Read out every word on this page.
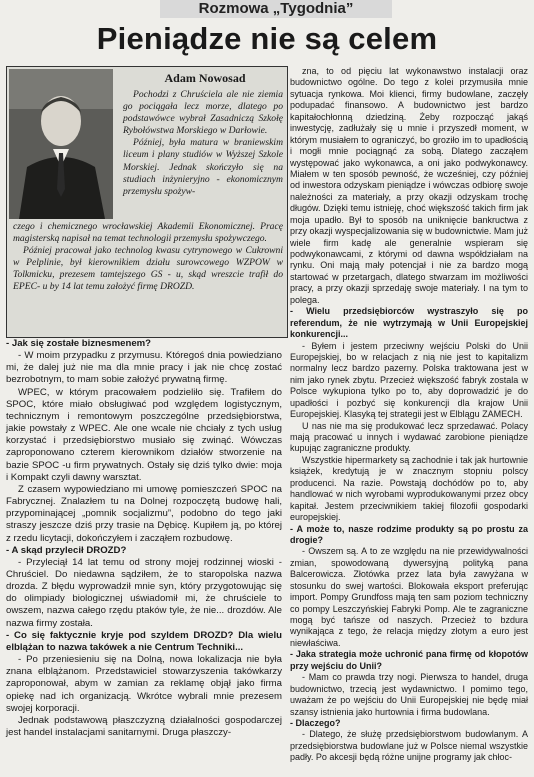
Rozmowa „Tygodnia”
Pieniądze nie są celem
Adam Nowosad

Pochodzi z Chruściela ale nie ziemia go pociągała lecz morze, dlatego po podstawówce wybrał Zasadniczą Szkołę Rybołówstwa Morskiego w Darłowie.

Później, była matura w braniewskim liceum i plany studiów w Wyższej Szkole Morskiej. Jednak skończyło się na studiach inżynieryjno - ekonomicznym przemysłu spożyw-

czego i chemicznego wrocławskiej Akademii Ekonomicznej. Pracę magisterską napisał na temat technologii przemysłu spożywczego.

Później pracował jako technolog kwasu cytrynowego w Cukrowni w Pelplinie, był kierownikiem działu surowcowego WZPOW w Tolkmicku, prezesem tamtejszego GS - u, skąd wreszcie trafił do EPEC- u by 14 lat temu założyć firmę DROZD.

- Jak się zostałe biznesmenem?

- W moim przypadku z przymusu. Któregoś dnia powiedziano mi, że dalej już nie ma dla mnie pracy i jak nie chcę zostać bezrobotnym, to mam sobie założyć prywatną firmę.

WPEC, w którym pracowałem podzieliło się. Trafiłem do SPOC, które miało obsługiwać pod względem logistycznym, technicznym i remontowym poszczególne przedsiębiorstwa, jakie powstały z WPEC. Ale one wcale nie chciały z tych usług korzystać i przedsiębiorstwo musiało się zwinąć. Wówczas zaproponowano czterem kierownikom działów stworzenie na bazie SPOC -u firm prywatnych. Ostały się dziś tylko dwie: moja i Kompakt czyli dawny warsztat.

Z czasem wypowiedziano mi umowę pomieszczeń SPOC na Fabrycznej. Znalazłem tu na Dolnej rozpoczętą budowę hali, przypominającej „pomnik socjalizmu”, podobno do tego jaki straszy jeszcze dziś przy trasie na Dębicę. Kupiłem ją, po której z rzedu licytacji, dokończyłem i zacząłem rozbudowę.

- A skąd przylecił DROZD?

- Przyleciął 14 lat temu od strony mojej rodzinnej wioski - Chruściel. Do niedawna sądziłem, że to staropolska nazwa drozda. Z błędu wyprowadził mnie syn, który przygotowując się do olimpiady biologicznej uświadomił mi, że chruściele to owszem, nazwa całego rzędu ptaków tyle, że nie... drozdów. Ale nazwa firmy została.

- Co się faktycznie kryje pod szyldem DROZD? Dla wielu elblążan to nazwa takówek a nie Centrum Techniki...

- Po przeniesieniu się na Dolną, nowa lokalizacja nie była znana elblążanom. Przedstawiciel stowarzyszenia takówkarzy zaproponował, abym w zamian za reklamę objął jako firma opiekę nad ich organizacją. Wkrótce wybrali mnie prezesem swojej korporacji.

Jednak podstawową płaszczyzną działalności gospodarczej jest handel instalacjami sanitarnymi. Druga płaszczy-

zna, to od pięciu lat wykonawstwo instalacji oraz budownictwo ogólne. Do tego z kolei przymusiła mnie sytuacja rynkowa. Moi klienci, firmy budowlane, zaczęły podupadać finansowo. A budownictwo jest bardzo kapitałochłonną dziedziną. Żeby rozpocząć jakąś inwestycję, zadłużały się u mnie i przyszedł moment, w którym musiałem to ograniczyć, bo groziło im to upadłością i mogłi mnie pociągnąć za sobą. Dlatego zacząłem występować jako wykonawca, a oni jako podwykonawcy. Miałem w ten sposób pewność, że wcześniej, czy później od inwestora odzyskam pieniądze i wówczas odbiorę swoje należności za materiały, a przy okazji odzyskam trochę długów. Dzięki temu istnieję, choć większość takich firm jak moja upadło. Był to sposób na uniknięcie bankructwa z przy okazji wyspecjalizowania się w budownictwie. Mam już wiele firm kadę ale generalnie wspieram się podwykonawcami, z którymi od dawna współdziałam na rynku. Oni mają mały potencjał i nie za bardzo mogą startować w przetargach, dlatego stwarzam im możliwości pracy, a przy okazji sprzedaję swoje materiały. I na tym to polega.

- Wielu przedsiębiorców wystraszyło się po referendum, że nie wytrzymają w Unii Europejskiej konkurencji...

- Byłem i jestem przeciwny wejściu Polski do Unii Europejskiej, bo w relacjach z nią nie jest to kapitalizm normalny lecz bardzo pazerny. Polska traktowana jest w nim jako rynek zbytu. Przecież większość fabryk zostala w Polsce wykupiona tylko po to, aby doprowadzić je do upadłości i pozbyć się konkurencji dla krajow Unii Europejskiej. Klasyką tej strategii jest w Elblągu ZAMECH.

U nas nie ma się produkować lecz sprzedawać. Polacy mają pracować u innych i wydawać zarobione pieniądze kupując zagraniczne produkty.

Wszystkie hipermarkety są zachodnie i tak jak hurtownie książek, kredytują je w znacznym stopniu polscy producenci. Na razie. Powstają dochódów po to, aby handlować w nich wyrobami wyprodukowanymi przez obcy kapitał. Jestem przeciwnikiem takiej filozofii gospodarki europejskiej.

- A może to, nasze rodzime produkty są po prostu za drogie?

- Owszem są. A to ze względu na nie przewidywalności zmian, spowodowaną dywersyjną polityką pana Balcerowicza. Złotówka przez lata była zawyżana w stosunku do swej wartości. Blokowała eksport preferując import. Pompy Grundfoss mają ten sam poziom techniczny co pompy Leszczyńskiej Fabryki Pomp. Ale te zagraniczne mogą być tańsze od naszych. Przecież to bzdura wynikająca z tego, że relacja między złotym a euro jest niewłaściwa.

- Jaka strategia może uchronić pana firmę od kłopotów przy wejściu do Unii?

- Mam co prawda trzy nogi. Pierwsza to handel, druga budownictwo, trzecią jest wydawnictwo. I pomimo tego, uważam że po wejściu do Unii Europejskiej nie będę miał szansy istnienia jako hurtownia i firma budowlana.

- Dlaczego?

- Dlatego, że służę przedsiębiorstwom budowlanym. A przedsiębiorstwa budowlane już w Polsce niemal wszystkie padły. Po akcesji będą różne unijne programy jak chłoc-
